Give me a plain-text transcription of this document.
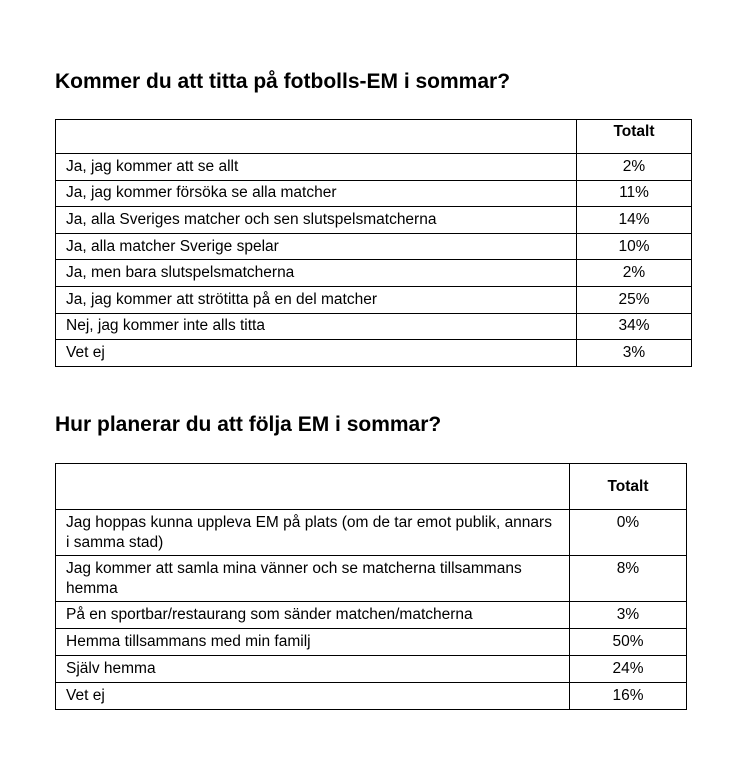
Kommer du att titta på fotbolls-EM i sommar?
	Totalt
Ja, jag kommer att se allt	2%
Ja, jag kommer försöka se alla matcher	11%
Ja, alla Sveriges matcher och sen slutspelsmatcherna	14%
Ja, alla matcher Sverige spelar	10%
Ja, men bara slutspelsmatcherna	2%
Ja, jag kommer att strötitta på en del matcher	25%
Nej, jag kommer inte alls titta	34%
Vet ej	3%
Hur planerar du att följa EM i sommar?
	Totalt
Jag hoppas kunna uppleva EM på plats (om de tar emot publik, annars i samma stad)	0%
Jag kommer att samla mina vänner och se matcherna tillsammans hemma	8%
På en sportbar/restaurang som sänder matchen/matcherna	3%
Hemma tillsammans med min familj	50%
Själv hemma	24%
Vet ej	16%
